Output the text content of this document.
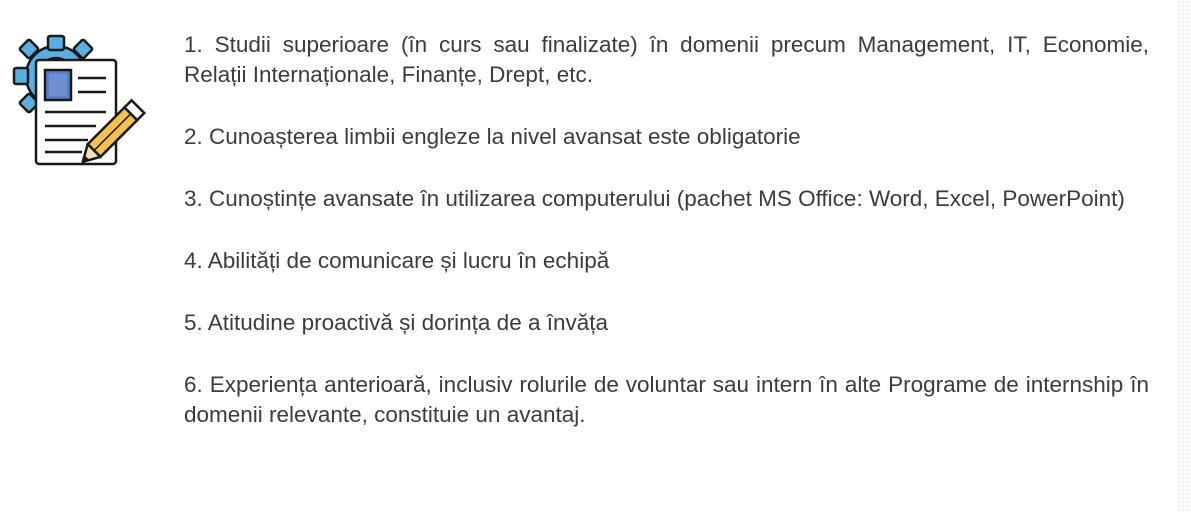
1. Studii superioare (în curs sau finalizate) în domenii precum Management, IT, Economie, Relații Internaționale, Finanțe, Drept, etc.
2. Cunoașterea limbii engleze la nivel avansat este obligatorie
3. Cunoștințe avansate în utilizarea computerului (pachet MS Office: Word, Excel, PowerPoint)
4. Abilități de comunicare și lucru în echipă
5. Atitudine proactivă și dorința de a învăța
6. Experiența anterioară, inclusiv rolurile de voluntar sau intern în alte Programe de internship în domenii relevante, constituie un avantaj.
